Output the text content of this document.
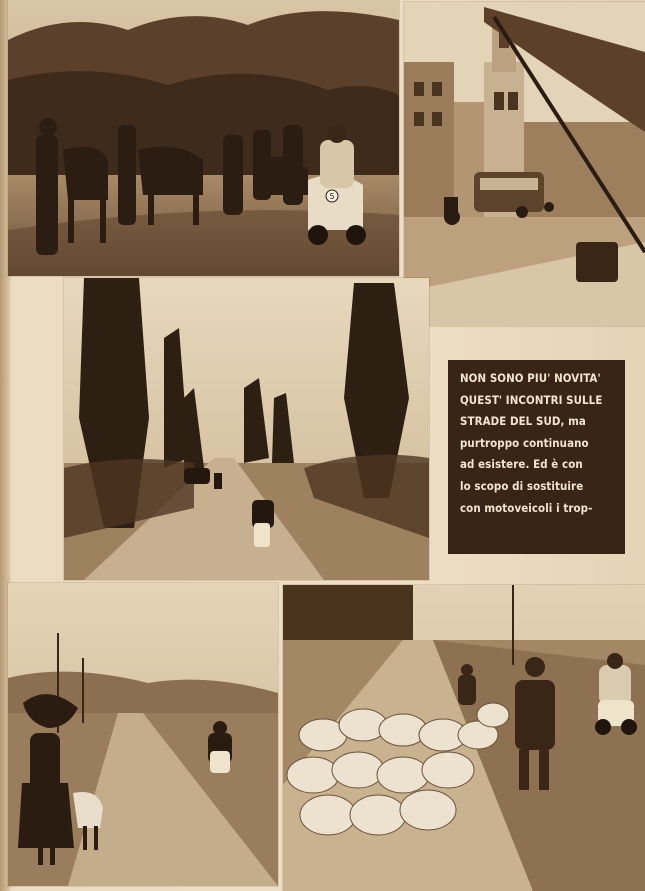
5
NON SONO PIU' NOVITA'
QUEST' INCONTRI SULLE
STRADE DEL SUD, ma
purtroppo continuano
ad esistere. Ed è con
lo scopo di sostituire
con motoveicoli i trop-
